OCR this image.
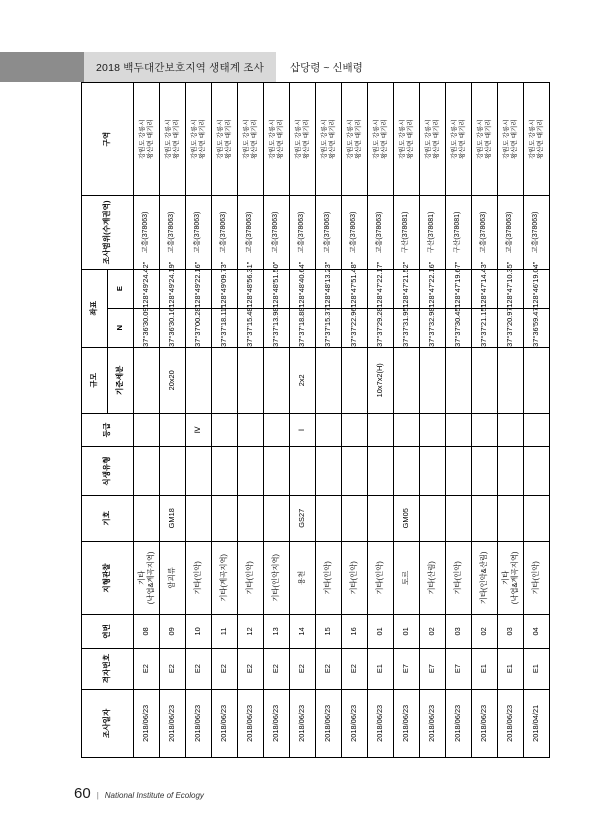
2018 백두대간보호지역 생태계 조사	삽당령 ~ 신배령
조사일자	격자번호	연번	지형관찰	기호	식생유형	등급	규모	좌표		조사범위(수계권역)	구역
							기준세분	N	E		
2018/06/23	E2	08	기타
(낙엽&계곡지역)					37°36'30.09"	128°49'24.42"	고흥(378063)	강원도 강릉시
왕산면 대기리
2018/06/23	E2	09	암괴류	GM18			20x20	37°36'30.16"	128°49'24.19"	고흥(378063)	강원도 강릉시
왕산면 대기리
2018/06/23	E2	10	기타(인악)			Ⅳ		37°37'00.28"	128°49'22.16"	고흥(378063)	강원도 강릉시
왕산면 대기리
2018/06/23	E2	11	기타(계곡지역)					37°37'18.11"	128°49'09.73"	고흥(378063)	강원도 강릉시
왕산면 대기리
2018/06/23	E2	12	기타(인악)					37°37'15.48"	128°48'56.31"	고흥(378063)	강원도 강릉시
왕산면 대기리
2018/06/23	E2	13	기타(인악지역)					37°37'13.98"	128°48'51.50"	고흥(378063)	강원도 강릉시
왕산면 대기리
2018/06/23	E2	14	용천	GS27		Ⅰ	2x2	37°37'18.88"	128°48'40.64"	고흥(378063)	강원도 강릉시
왕산면 대기리
2018/06/23	E2	15	기타(인악)					37°37'15.37"	128°48'13.23"	고흥(378063)	강원도 강릉시
왕산면 대기리
2018/06/23	E2	16	기타(인악)					37°37'22.96"	128°47'51.48"	고흥(378063)	강원도 강릉시
왕산면 대기리
2018/06/23	E1	01	기타(인악)				10x7x2(H)	37°37'29.28"	128°47'22.17"	고흥(378063)	강원도 강릉시
왕산면 대기리
2018/06/23	E7	01	토르	GM05				37°37'31.95"	128°47'21.52"	구산(378081)	강원도 강릉시
왕산면 대기리
2018/06/23	E7	02	기타(산림)					37°37'32.98"	128°47'22.16"	구산(378081)	강원도 강릉시
왕산면 대기리
2018/06/23	E7	03	기타(인악)					37°37'30.45"	128°47'19.67"	구산(378081)	강원도 강릉시
왕산면 대기리
2018/06/23	E1	02	기타(인악&산림)					37°37'21.15"	128°47'14.43"	고흥(378063)	강원도 강릉시
왕산면 대기리
2018/06/23	E1	03	기타
(낙엽&계곡지역)					37°37'20.97"	128°47'10.35"	고흥(378063)	강원도 강릉시
왕산면 대기리
2018/04/21	E1	04	기타(인악)					37°36'59.47"	128°46'19.04"	고흥(378063)	강원도 강릉시
왕산면 대기리
60 | National Institute of Ecology
